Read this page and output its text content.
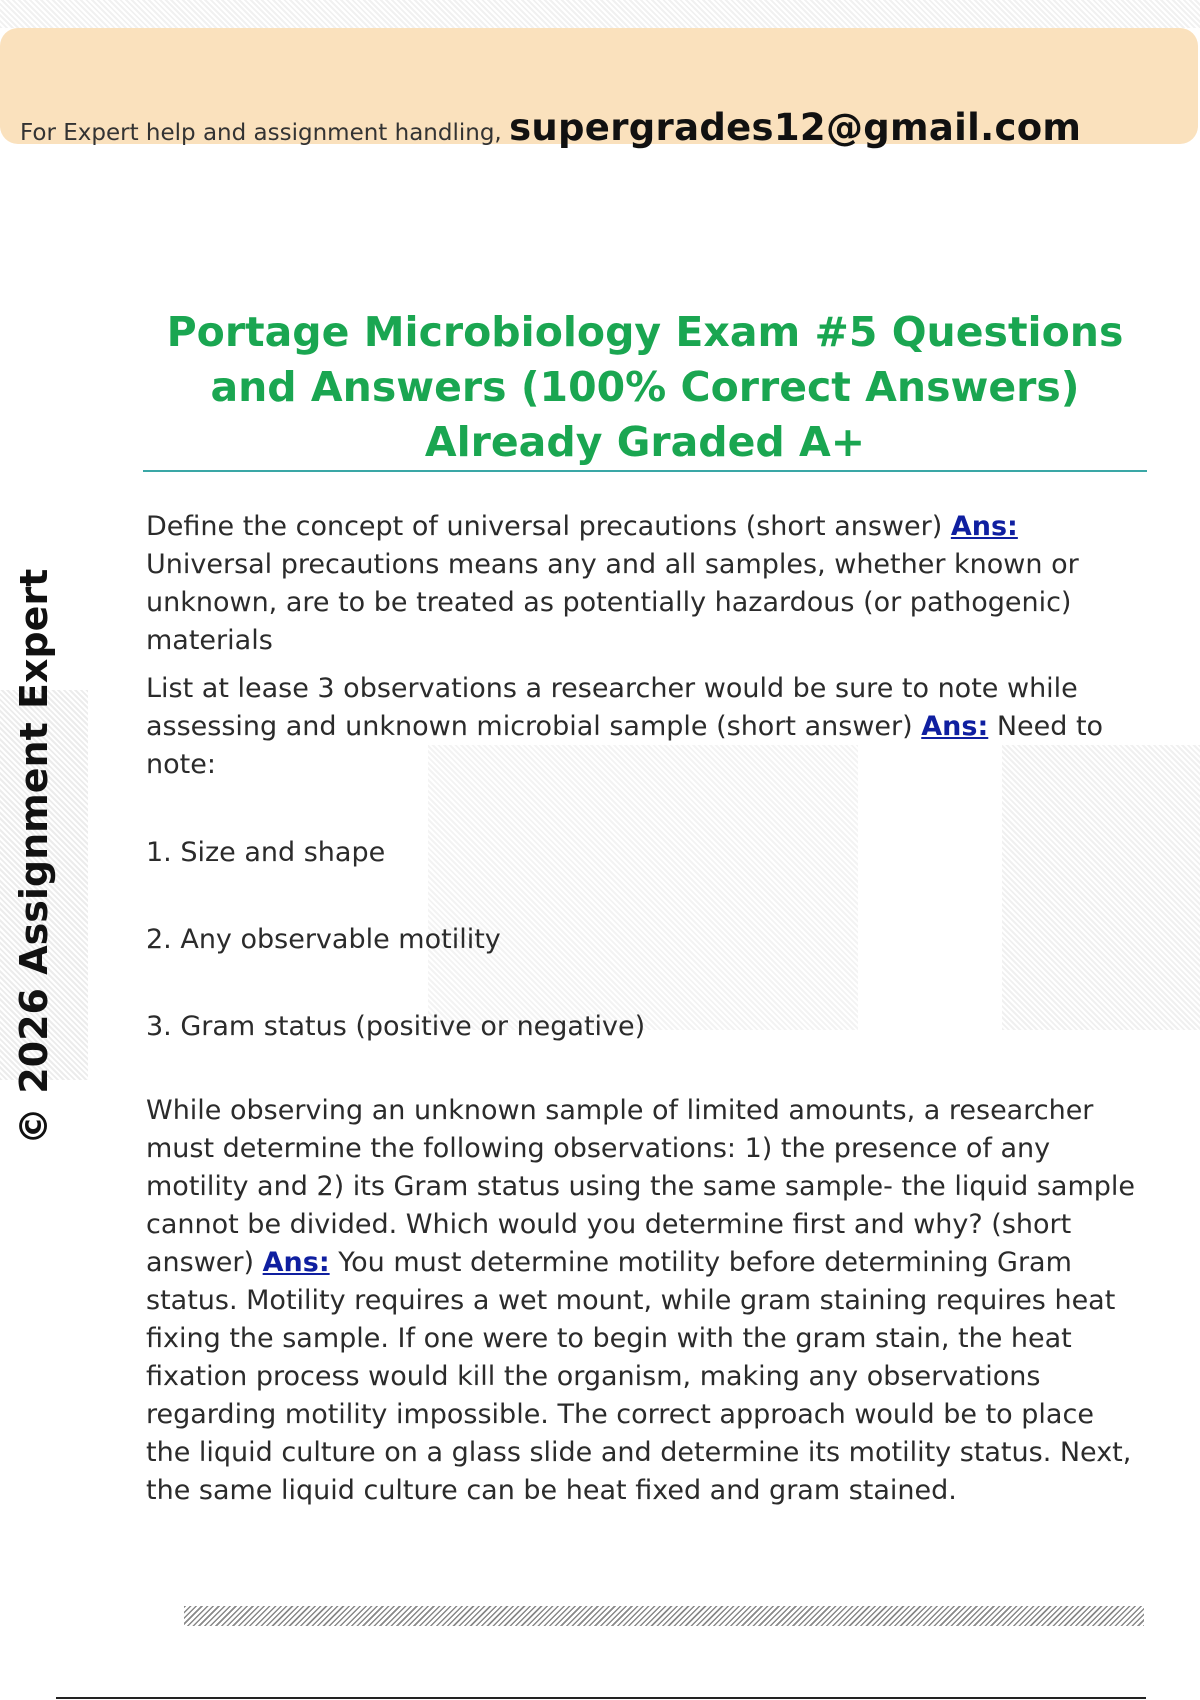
For Expert help and assignment handling, supergrades12@gmail.com
© 2026 Assignment Expert
Portage Microbiology Exam #5 Questions and Answers (100% Correct Answers) Already Graded A+

Define the concept of universal precautions (short answer) Ans: Universal precautions means any and all samples, whether known or unknown, are to be treated as potentially hazardous (or pathogenic) materials

List at lease 3 observations a researcher would be sure to note while assessing and unknown microbial sample (short answer) Ans: Need to note:

1. Size and shape

2. Any observable motility

3. Gram status (positive or negative)

While observing an unknown sample of limited amounts, a researcher must determine the following observations: 1) the presence of any motility and 2) its Gram status using the same sample- the liquid sample cannot be divided. Which would you determine first and why? (short answer) Ans: You must determine motility before determining Gram status. Motility requires a wet mount, while gram staining requires heat fixing the sample. If one were to begin with the gram stain, the heat fixation process would kill the organism, making any observations regarding motility impossible. The correct approach would be to place the liquid culture on a glass slide and determine its motility status. Next, the same liquid culture can be heat fixed and gram stained.
